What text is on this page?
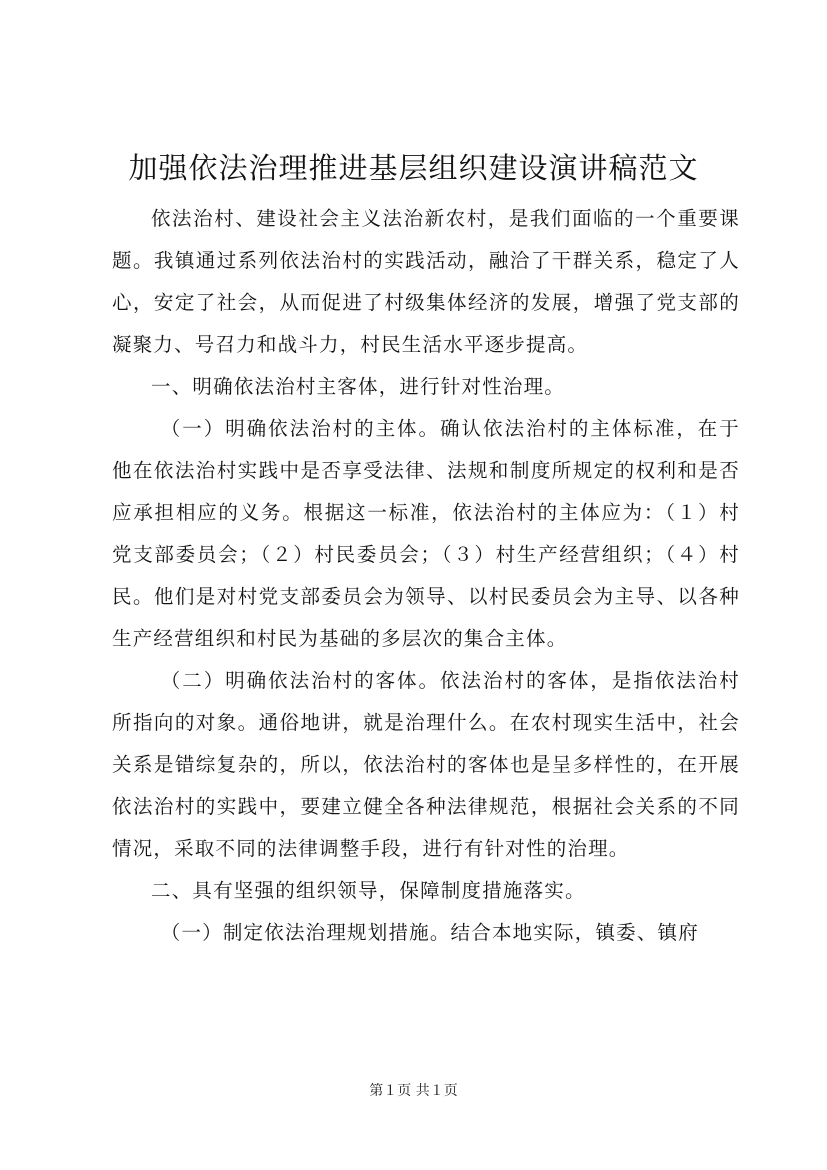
加强依法治理推进基层组织建设演讲稿范文

依法治村、建设社会主义法治新农村，是我们面临的一个重要课题。我镇通过系列依法治村的实践活动，融洽了干群关系，稳定了人心，安定了社会，从而促进了村级集体经济的发展，增强了党支部的凝聚力、号召力和战斗力，村民生活水平逐步提高。

一、明确依法治村主客体，进行针对性治理。

（一）明确依法治村的主体。确认依法治村的主体标准，在于他在依法治村实践中是否享受法律、法规和制度所规定的权利和是否应承担相应的义务。根据这一标准，依法治村的主体应为：（１）村党支部委员会；（２）村民委员会；（３）村生产经营组织；（４）村民。他们是对村党支部委员会为领导、以村民委员会为主导、以各种生产经营组织和村民为基础的多层次的集合主体。

（二）明确依法治村的客体。依法治村的客体，是指依法治村所指向的对象。通俗地讲，就是治理什么。在农村现实生活中，社会关系是错综复杂的，所以，依法治村的客体也是呈多样性的，在开展依法治村的实践中，要建立健全各种法律规范，根据社会关系的不同情况，采取不同的法律调整手段，进行有针对性的治理。

二、具有坚强的组织领导，保障制度措施落实。

（一）制定依法治理规划措施。结合本地实际，镇委、镇府

第１页 共１页
